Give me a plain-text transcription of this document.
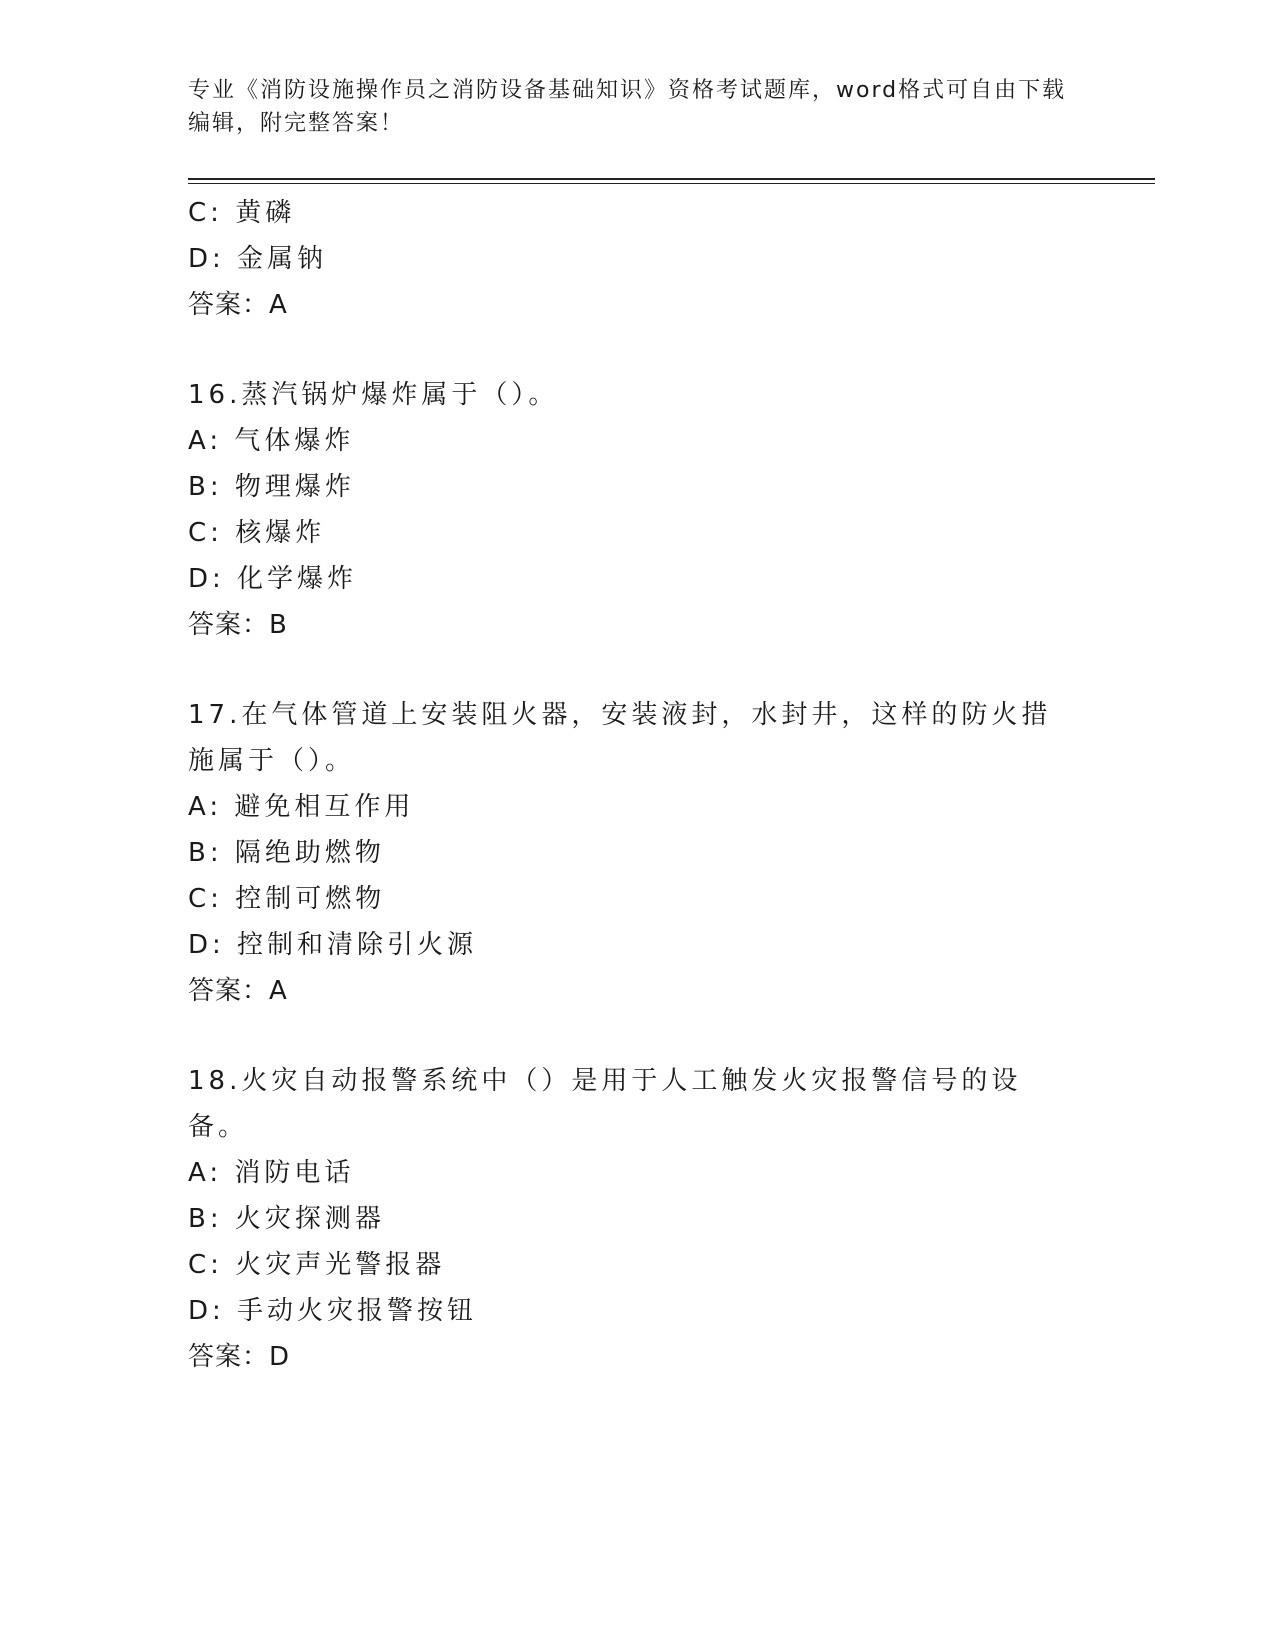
专业《消防设施操作员之消防设备基础知识》资格考试题库，word格式可自由下载编辑，附完整答案！
C: 黄磷
D: 金属钠
答案：A
16.蒸汽锅炉爆炸属于（）。
A: 气体爆炸
B: 物理爆炸
C: 核爆炸
D: 化学爆炸
答案：B
17.在气体管道上安装阻火器，安装液封，水封井，这样的防火措施属于（）。
A: 避免相互作用
B: 隔绝助燃物
C: 控制可燃物
D: 控制和清除引火源
答案：A
18.火灾自动报警系统中（）是用于人工触发火灾报警信号的设备。
A: 消防电话
B: 火灾探测器
C: 火灾声光警报器
D: 手动火灾报警按钮
答案：D
